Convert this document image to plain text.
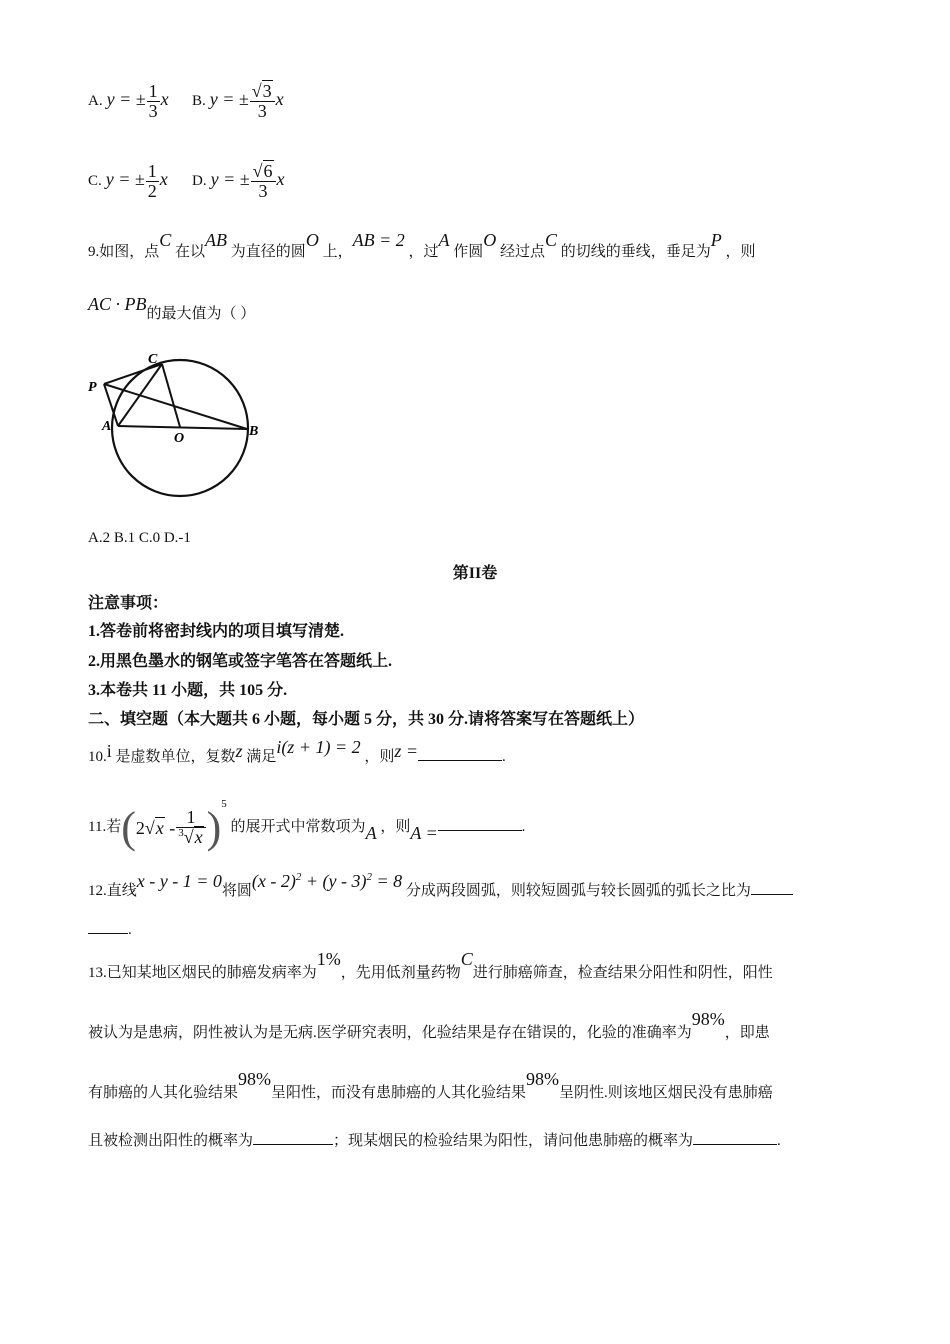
A. y = ± $\frac{1}{3}$ x B. y = ± $\frac{√3}{3}$ x
C. y = ± $\frac{1}{2}$ x D. y = ± $\frac{√6}{3}$ x
9.如图，点C 在以AB 为直径的圆O 上，AB = 2 ，过A 作圆O 经过点C 的切线的垂线，垂足为P ，则
AC · PB的最大值为（ ）
C
P
A
O	B
A.2 B.1 C.0 D.-1
第II卷
注意事项：
1.答卷前将密封线内的项目填写清楚.
2.用黑色墨水的钢笔或签字笔答在答题纸上.
3.本卷共 11 小题，共 105 分.
二、填空题（本大题共 6 小题，每小题 5 分，共 30 分.请将答案写在答题纸上）
10.i 是虚数单位，复数z 满足i(z + 1) = 2 ，则z =	.
11.若$(2√x - \frac{1}{^3√x} )^5$ 的展开式中常数项为A ，则A =	.
12.直线x - y - 1 = 0将圆(x - 2)$^2$ + (y - 3)$^2$ = 8 分成两段圆弧，则较短圆弧与较长圆弧的弧长之比为
.
13.已知某地区烟民的肺癌发病率为1%，先用低剂量药物C进行肺癌筛查，检查结果分阳性和阴性，阳性
被认为是患病，阴性被认为是无病.医学研究表明，化验结果是存在错误的，化验的准确率为98%，即患
有肺癌的人其化验结果98%呈阳性，而没有患肺癌的人其化验结果98%呈阴性.则该地区烟民没有患肺癌
且被检测出阳性的概率为	；现某烟民的检验结果为阳性，请问他患肺癌的概率为	.
